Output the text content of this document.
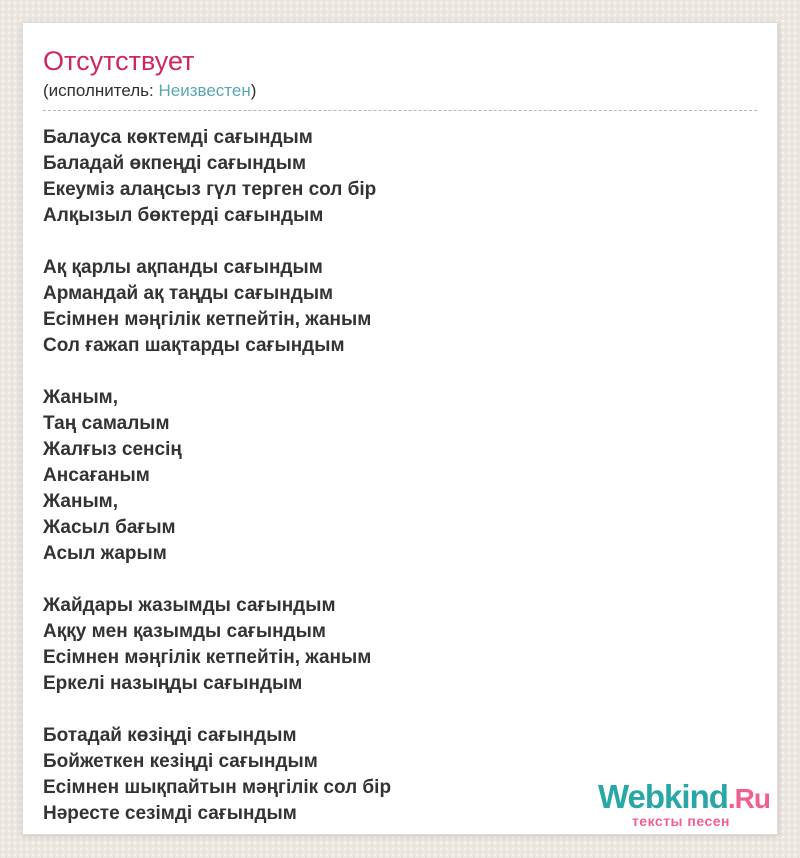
Отсутствует
(исполнитель: Неизвестен)
Балауса көктемді сағындым
Баладай өкпеңді сағындым
Екеуміз алаңсыз гүл терген сол бір
Алқызыл бөктерді сағындым
Ақ қарлы ақпанды сағындым
Армандай ақ таңды сағындым
Есімнен мәңгілік кетпейтін, жаным
Сол ғажап шақтарды сағындым
Жаным,
Таң самалым
Жалғыз сенсің
Ансағаным
Жаным,
Жасыл бағым
Асыл жарым
Жайдары жазымды сағындым
Аққу мен қазымды сағындым
Есімнен мәңгілік кетпейтін, жаным
Еркелі назыңды сағындым
Ботадай көзіңді сағындым
Бойжеткен кезіңді сағындым
Есімнен шықпайтын мәңгілік сол бір
Нәресте сезімді сағындым	Webkind.Ru
тексты песен
